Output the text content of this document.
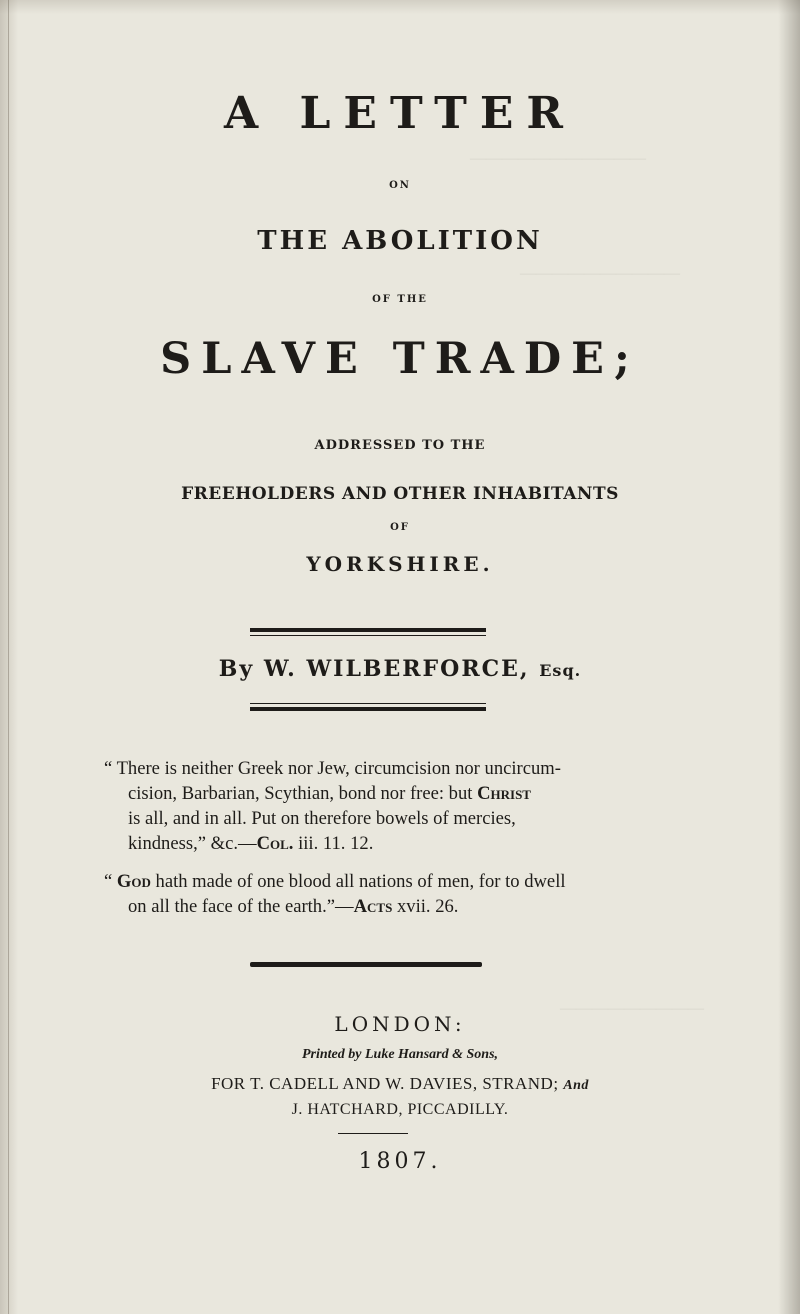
———————————
——————————
—————————
A LETTER
ON
THE ABOLITION
OF THE
SLAVE TRADE;
ADDRESSED TO THE
FREEHOLDERS AND OTHER INHABITANTS
OF
YORKSHIRE.
By W. WILBERFORCE, Esq.
“ There is neither Greek nor Jew, circumcision nor uncircum-
cision, Barbarian, Scythian, bond nor free: but Christ
is all, and in all. Put on therefore bowels of mercies,
kindness,” &c.—Col. iii. 11. 12.
“ God hath made of one blood all nations of men, for to dwell
on all the face of the earth.”—Acts xvii. 26.
LONDON:
Printed by Luke Hansard & Sons,
FOR T. CADELL AND W. DAVIES, STRAND; And
J. HATCHARD, PICCADILLY.
1807.
